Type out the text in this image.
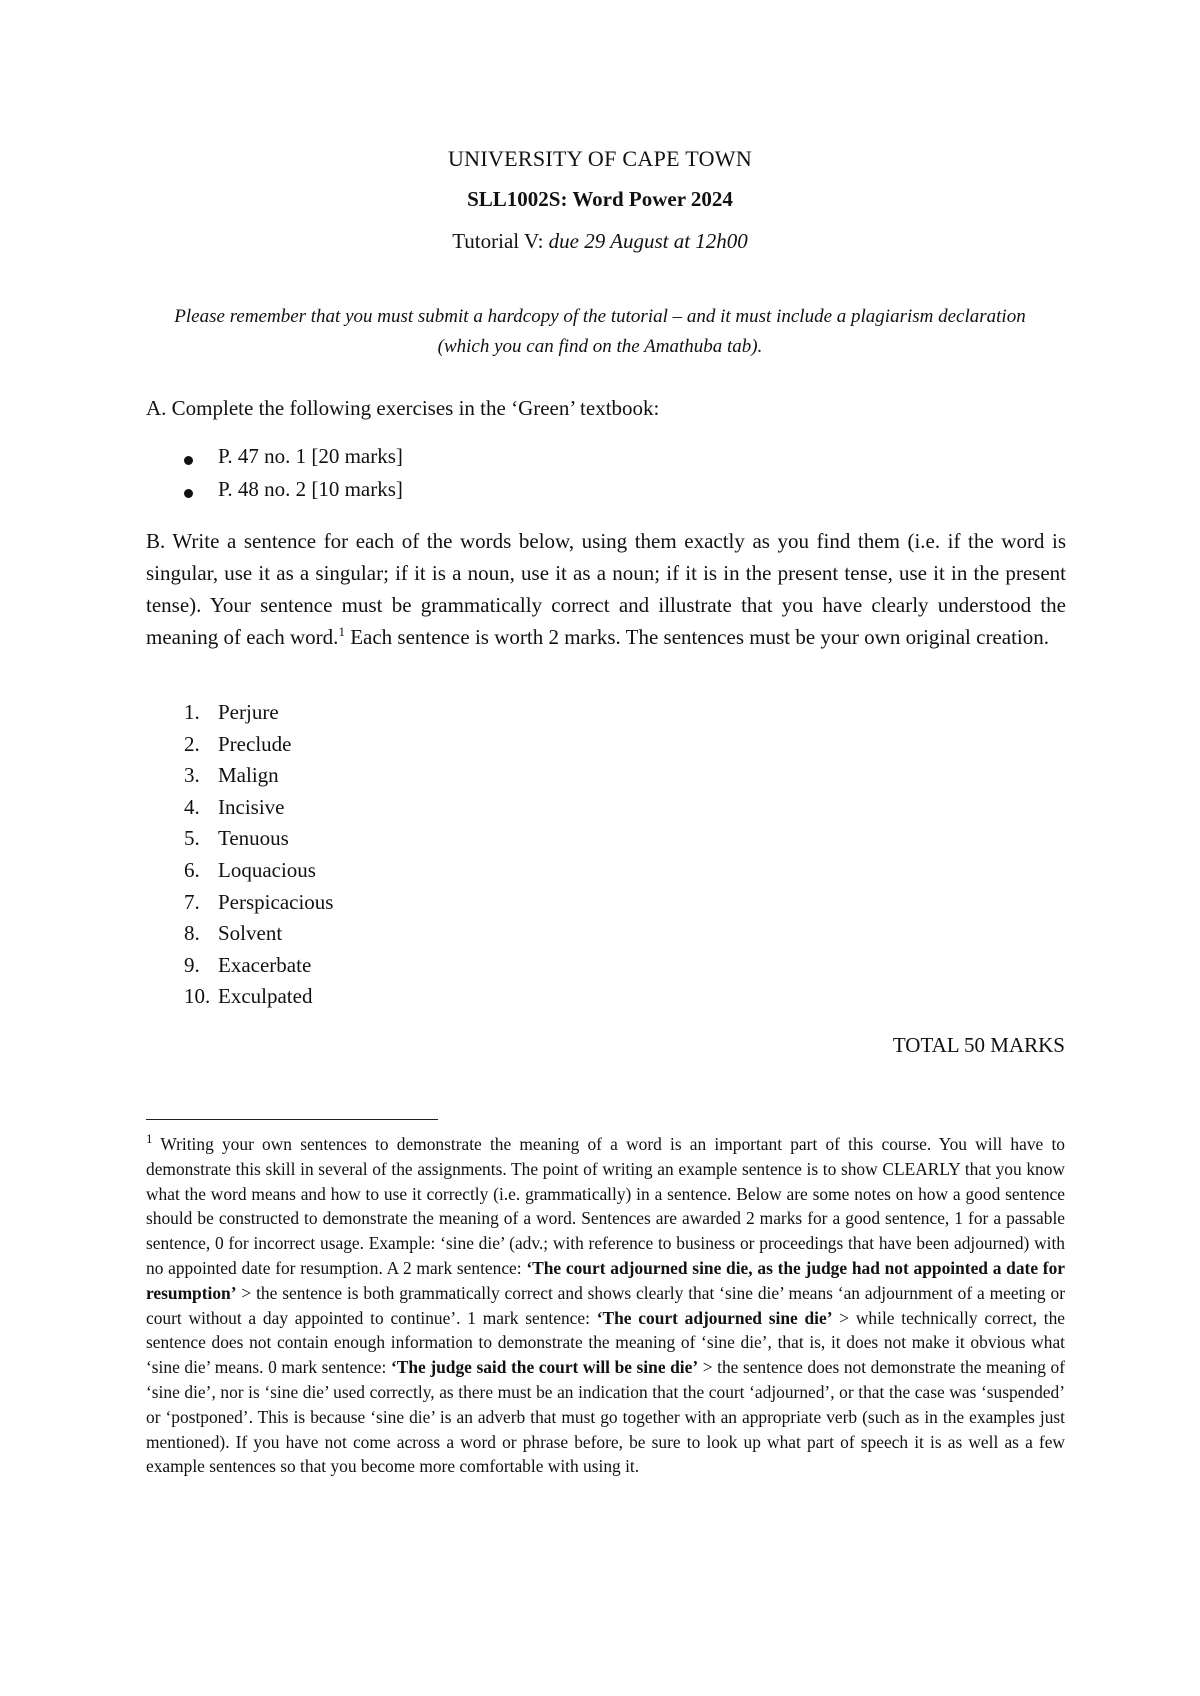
UNIVERSITY OF CAPE TOWN
SLL1002S: Word Power 2024
Tutorial V: due 29 August at 12h00
Please remember that you must submit a hardcopy of the tutorial – and it must include a plagiarism declaration (which you can find on the Amathuba tab).
A. Complete the following exercises in the ‘Green’ textbook:
P. 47 no. 1 [20 marks]
P. 48 no. 2 [10 marks]
B. Write a sentence for each of the words below, using them exactly as you find them (i.e. if the word is singular, use it as a singular; if it is a noun, use it as a noun; if it is in the present tense, use it in the present tense). Your sentence must be grammatically correct and illustrate that you have clearly understood the meaning of each word.$^1$ Each sentence is worth 2 marks. The sentences must be your own original creation.
1. Perjure
2. Preclude
3. Malign
4. Incisive
5. Tenuous
6. Loquacious
7. Perspicacious
8. Solvent
9. Exacerbate
10. Exculpated
TOTAL 50 MARKS
$^1$ Writing your own sentences to demonstrate the meaning of a word is an important part of this course. You will have to demonstrate this skill in several of the assignments. The point of writing an example sentence is to show CLEARLY that you know what the word means and how to use it correctly (i.e. grammatically) in a sentence. Below are some notes on how a good sentence should be constructed to demonstrate the meaning of a word. Sentences are awarded 2 marks for a good sentence, 1 for a passable sentence, 0 for incorrect usage. Example: ‘sine die’ (adv.; with reference to business or proceedings that have been adjourned) with no appointed date for resumption. A 2 mark sentence: ‘The court adjourned sine die, as the judge had not appointed a date for resumption’ > the sentence is both grammatically correct and shows clearly that ‘sine die’ means ‘an adjournment of a meeting or court without a day appointed to continue’. 1 mark sentence: ‘The court adjourned sine die’ > while technically correct, the sentence does not contain enough information to demonstrate the meaning of ‘sine die’, that is, it does not make it obvious what ‘sine die’ means. 0 mark sentence: ‘The judge said the court will be sine die’ > the sentence does not demonstrate the meaning of ‘sine die’, nor is ‘sine die’ used correctly, as there must be an indication that the court ‘adjourned’, or that the case was ‘suspended’ or ‘postponed’. This is because ‘sine die’ is an adverb that must go together with an appropriate verb (such as in the examples just mentioned). If you have not come across a word or phrase before, be sure to look up what part of speech it is as well as a few example sentences so that you become more comfortable with using it.
